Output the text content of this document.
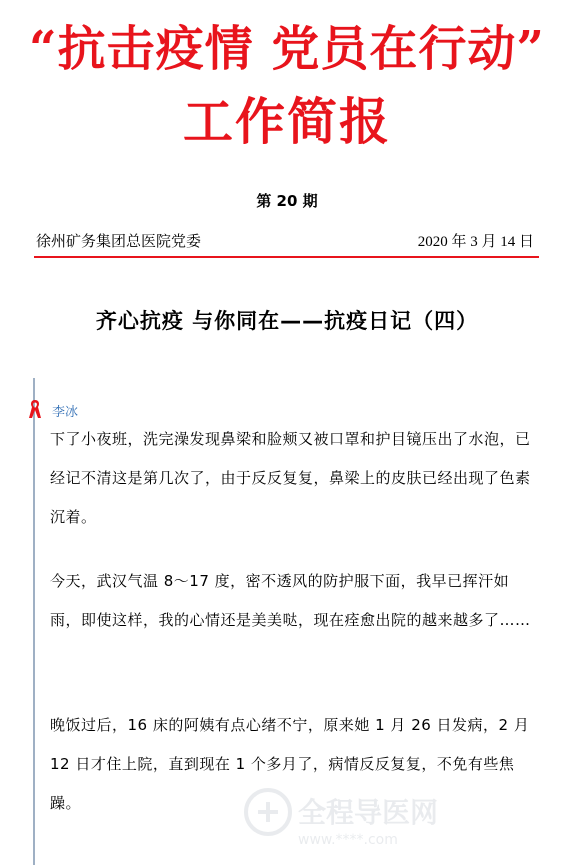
“抗击疫情 党员在行动”
工作简报
第 20 期
徐州矿务集团总医院党委	2020 年 3 月 14 日
齐心抗疫 与你同在——抗疫日记（四）
李冰

下了小夜班，洗完澡发现鼻梁和脸颊又被口罩和护目镜压出了水泡，已经记不清这是第几次了，由于反反复复，鼻梁上的皮肤已经出现了色素沉着。

今天，武汉气温 8～17 度，密不透风的防护服下面，我早已挥汗如雨，即使这样，我的心情还是美美哒，现在痊愈出院的越来越多了……

晚饭过后，16 床的阿姨有点心绪不宁，原来她 1 月 26 日发病，2 月 12 日才住上院，直到现在 1 个多月了，病情反反复复，不免有些焦躁。	全程导医网
www.****.com
